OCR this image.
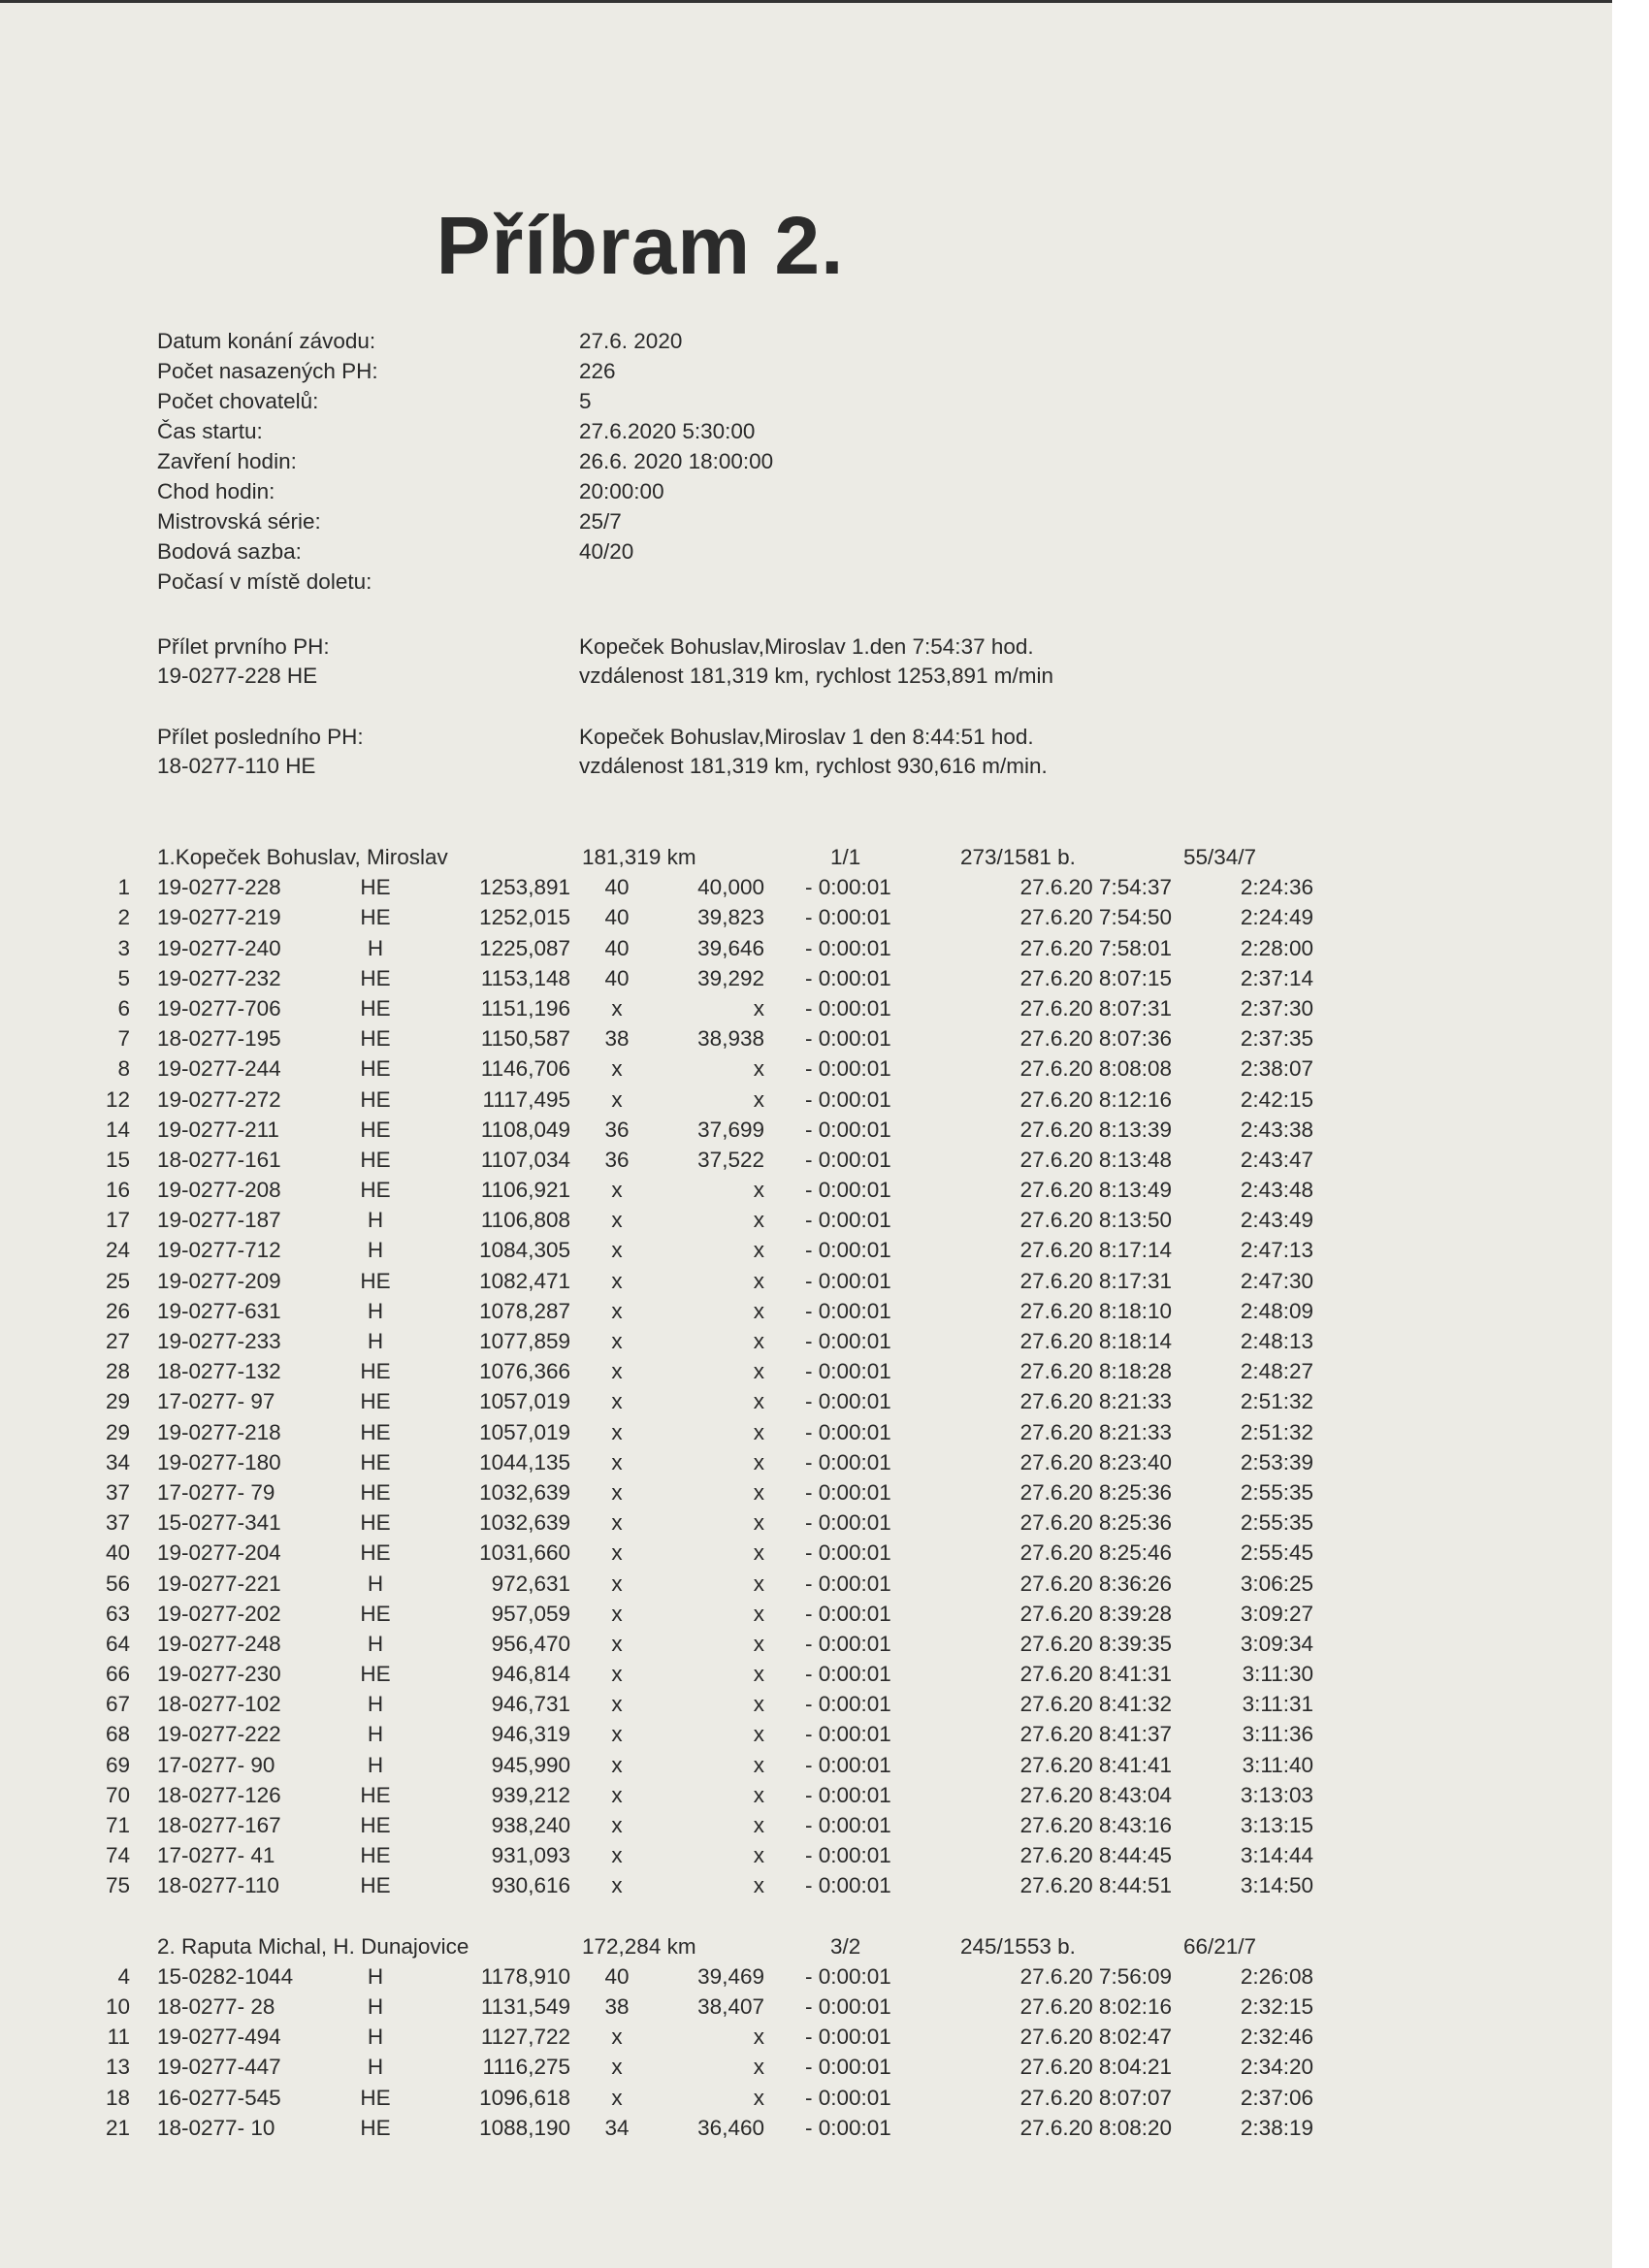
Příbram 2.
Datum konání závodu:	27.6. 2020
Počet nasazených PH:	226
Počet chovatelů:	5
Čas startu:	27.6.2020 5:30:00
Zavření hodin:	26.6. 2020 18:00:00
Chod hodin:	20:00:00
Mistrovská série:	25/7
Bodová sazba:	40/20
Počasí v místě doletu:
Přílet prvního PH:
19-0277-228 HE
Kopeček Bohuslav,Miroslav 1.den 7:54:37 hod.
vzdálenost 181,319 km, rychlost 1253,891 m/min
Přílet posledního PH:
18-0277-110 HE
Kopeček Bohuslav,Miroslav 1 den 8:44:51 hod.
vzdálenost 181,319 km, rychlost 930,616 m/min.
1.Kopeček Bohuslav, Miroslav	181,319 km	1/1	273/1581 b.	55/34/7
1 19-0277-228	HE	1253,891	40	40,000 - 0:00:01	27.6.20 7:54:37	2:24:36
2 19-0277-219	HE	1252,015	40	39,823 - 0:00:01	27.6.20 7:54:50	2:24:49
3 19-0277-240	H	1225,087	40	39,646 - 0:00:01	27.6.20 7:58:01	2:28:00
5 19-0277-232	HE	1153,148	40	39,292 - 0:00:01	27.6.20 8:07:15	2:37:14
6 19-0277-706	HE	1151,196	x	x - 0:00:01	27.6.20 8:07:31	2:37:30
7 18-0277-195	HE	1150,587	38	38,938 - 0:00:01	27.6.20 8:07:36	2:37:35
8 19-0277-244	HE	1146,706	x	x - 0:00:01	27.6.20 8:08:08	2:38:07
12 19-0277-272	HE	1117,495	x	x - 0:00:01	27.6.20 8:12:16	2:42:15
14 19-0277-211	HE	1108,049	36	37,699 - 0:00:01	27.6.20 8:13:39	2:43:38
15 18-0277-161	HE	1107,034	36	37,522 - 0:00:01	27.6.20 8:13:48	2:43:47
16 19-0277-208	HE	1106,921	x	x - 0:00:01	27.6.20 8:13:49	2:43:48
17 19-0277-187	H	1106,808	x	x - 0:00:01	27.6.20 8:13:50	2:43:49
24 19-0277-712	H	1084,305	x	x - 0:00:01	27.6.20 8:17:14	2:47:13
25 19-0277-209	HE	1082,471	x	x - 0:00:01	27.6.20 8:17:31	2:47:30
26 19-0277-631	H	1078,287	x	x - 0:00:01	27.6.20 8:18:10	2:48:09
27 19-0277-233	H	1077,859	x	x - 0:00:01	27.6.20 8:18:14	2:48:13
28 18-0277-132	HE	1076,366	x	x - 0:00:01	27.6.20 8:18:28	2:48:27
29 17-0277- 97	HE	1057,019	x	x - 0:00:01	27.6.20 8:21:33	2:51:32
29 19-0277-218	HE	1057,019	x	x - 0:00:01	27.6.20 8:21:33	2:51:32
34 19-0277-180	HE	1044,135	x	x - 0:00:01	27.6.20 8:23:40	2:53:39
37 17-0277- 79	HE	1032,639	x	x - 0:00:01	27.6.20 8:25:36	2:55:35
37 15-0277-341	HE	1032,639	x	x - 0:00:01	27.6.20 8:25:36	2:55:35
40 19-0277-204	HE	1031,660	x	x - 0:00:01	27.6.20 8:25:46	2:55:45
56 19-0277-221	H	972,631	x	x - 0:00:01	27.6.20 8:36:26	3:06:25
63 19-0277-202	HE	957,059	x	x - 0:00:01	27.6.20 8:39:28	3:09:27
64 19-0277-248	H	956,470	x	x - 0:00:01	27.6.20 8:39:35	3:09:34
66 19-0277-230	HE	946,814	x	x - 0:00:01	27.6.20 8:41:31	3:11:30
67 18-0277-102	H	946,731	x	x - 0:00:01	27.6.20 8:41:32	3:11:31
68 19-0277-222	H	946,319	x	x - 0:00:01	27.6.20 8:41:37	3:11:36
69 17-0277- 90	H	945,990	x	x - 0:00:01	27.6.20 8:41:41	3:11:40
70 18-0277-126	HE	939,212	x	x - 0:00:01	27.6.20 8:43:04	3:13:03
71 18-0277-167	HE	938,240	x	x - 0:00:01	27.6.20 8:43:16	3:13:15
74 17-0277- 41	HE	931,093	x	x - 0:00:01	27.6.20 8:44:45	3:14:44
75 18-0277-110	HE	930,616	x	x - 0:00:01	27.6.20 8:44:51	3:14:50
2. Raputa Michal, H. Dunajovice	172,284 km	3/2	245/1553 b.	66/21/7
4 15-0282-1044	H	1178,910	40	39,469 - 0:00:01	27.6.20 7:56:09	2:26:08
10 18-0277- 28	H	1131,549	38	38,407 - 0:00:01	27.6.20 8:02:16	2:32:15
11 19-0277-494	H	1127,722	x	x - 0:00:01	27.6.20 8:02:47	2:32:46
13 19-0277-447	H	1116,275	x	x - 0:00:01	27.6.20 8:04:21	2:34:20
18 16-0277-545	HE	1096,618	x	x - 0:00:01	27.6.20 8:07:07	2:37:06
21 18-0277- 10	HE	1088,190	34	36,460 - 0:00:01	27.6.20 8:08:20	2:38:19
